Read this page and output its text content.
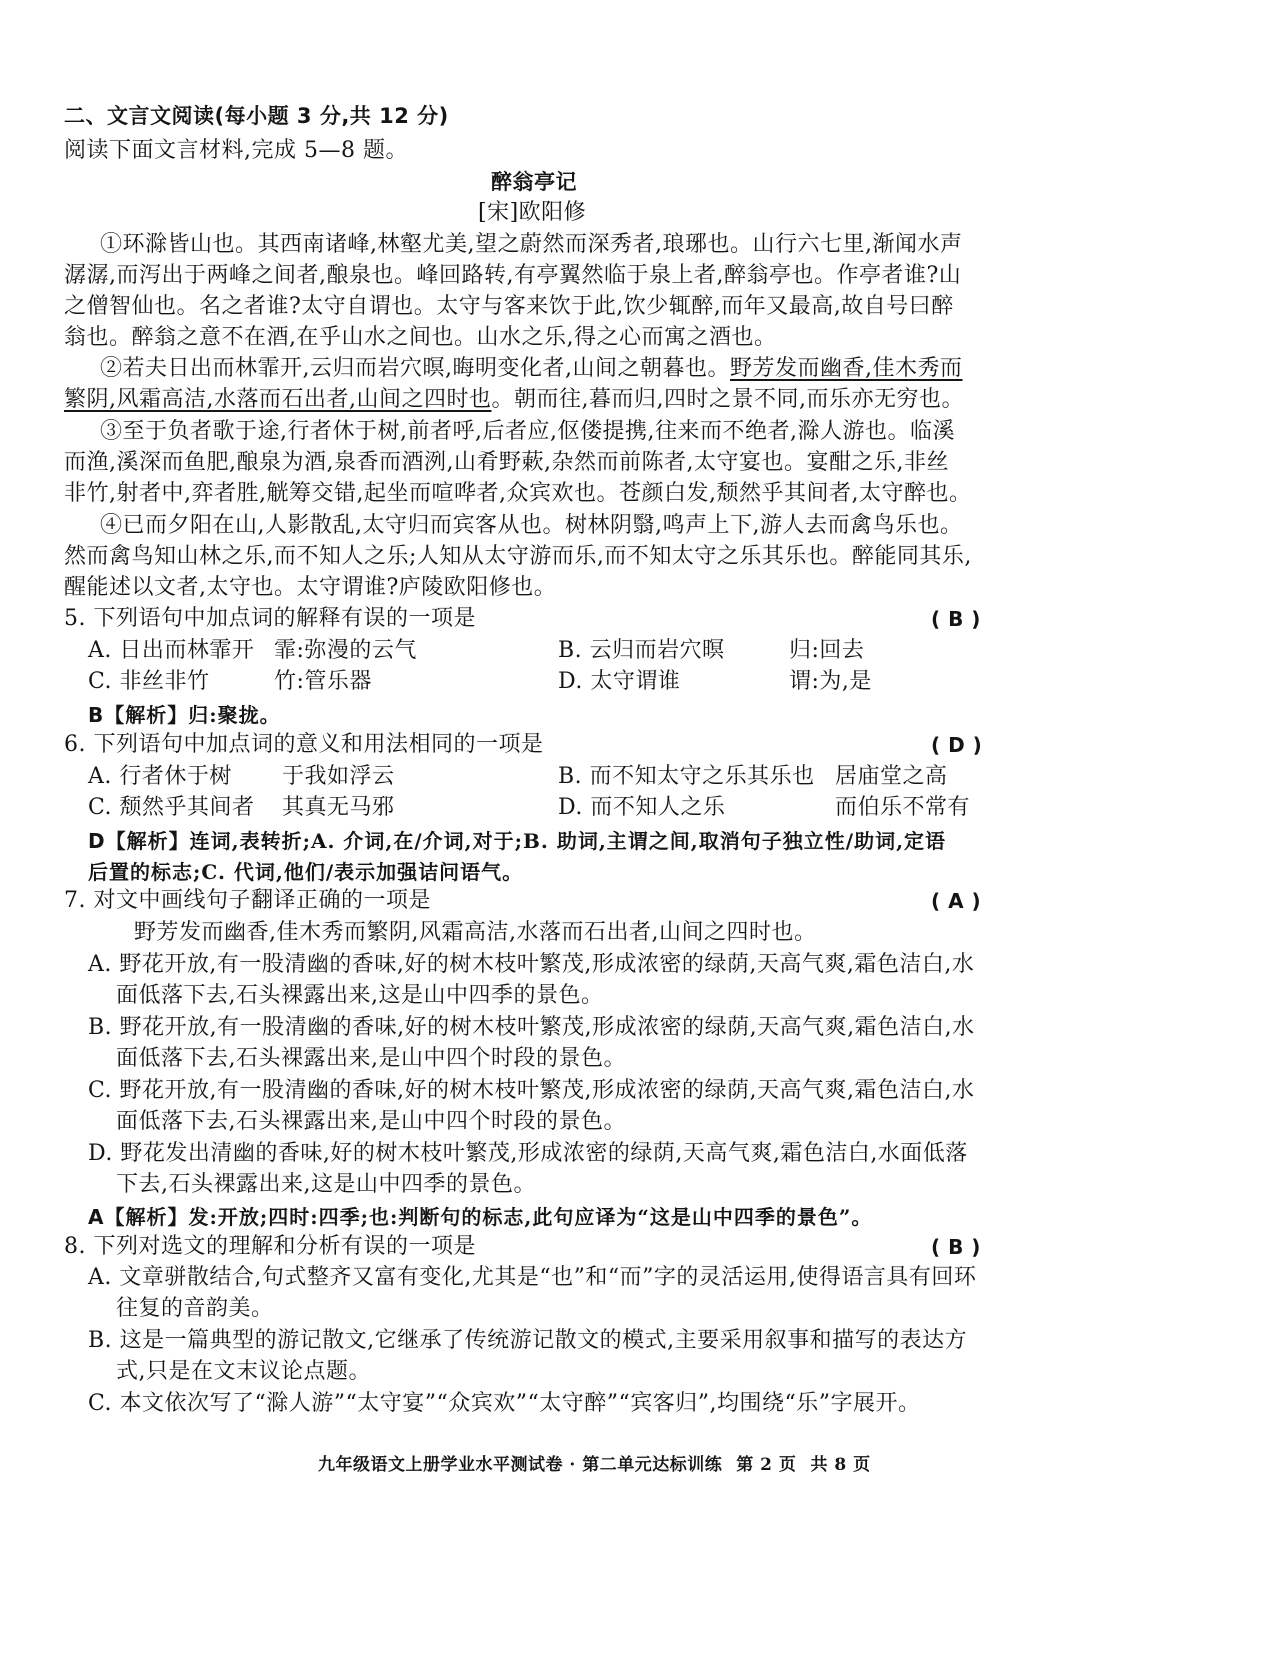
二、文言文阅读(每小题 3 分,共 12 分)
阅读下面文言材料,完成 5—8 题。
醉翁亭记
[宋]欧阳修
①环滁皆山也。其西南诸峰,林壑尤美,望之蔚然而深秀者,琅琊也。山行六七里,渐闻水声
潺潺,而泻出于两峰之间者,酿泉也。峰回路转,有亭翼然临于泉上者,醉翁亭也。作亭者谁?山
之僧智仙也。名之者谁?太守自谓也。太守与客来饮于此,饮少辄醉,而年又最高,故自号曰醉
翁也。醉翁之意不在酒,在乎山水之间也。山水之乐,得之心而寓之酒也。
②若夫日出而林霏开,云归而岩穴暝,晦明变化者,山间之朝暮也。野芳发而幽香,佳木秀而
繁阴,风霜高洁,水落而石出者,山间之四时也。朝而往,暮而归,四时之景不同,而乐亦无穷也。
③至于负者歌于途,行者休于树,前者呼,后者应,伛偻提携,往来而不绝者,滁人游也。临溪
而渔,溪深而鱼肥,酿泉为酒,泉香而酒洌,山肴野蔌,杂然而前陈者,太守宴也。宴酣之乐,非丝
非竹,射者中,弈者胜,觥筹交错,起坐而喧哗者,众宾欢也。苍颜白发,颓然乎其间者,太守醉也。
④已而夕阳在山,人影散乱,太守归而宾客从也。树林阴翳,鸣声上下,游人去而禽鸟乐也。
然而禽鸟知山林之乐,而不知人之乐;人知从太守游而乐,而不知太守之乐其乐也。醉能同其乐,
醒能述以文者,太守也。太守谓谁?庐陵欧阳修也。
5. 下列语句中加点词的解释有误的一项是	( B )
A. 日出而林霏开 霏:弥漫的云气	B. 云归而岩穴暝	归:回去
C. 非丝非竹	竹:管乐器	D. 太守谓谁	谓:为,是
B【解析】归:聚拢。
6. 下列语句中加点词的意义和用法相同的一项是	( D )
A. 行者休于树 于我如浮云	B. 而不知太守之乐其乐也 居庙堂之高
C. 颓然乎其间者 其真无马邪	D. 而不知人之乐	而伯乐不常有
D【解析】连词,表转折;A. 介词,在/介词,对于;B. 助词,主谓之间,取消句子独立性/助词,定语
后置的标志;C. 代词,他们/表示加强诘问语气。
7. 对文中画线句子翻译正确的一项是	( A )
野芳发而幽香,佳木秀而繁阴,风霜高洁,水落而石出者,山间之四时也。
A. 野花开放,有一股清幽的香味,好的树木枝叶繁茂,形成浓密的绿荫,天高气爽,霜色洁白,水
面低落下去,石头裸露出来,这是山中四季的景色。
B. 野花开放,有一股清幽的香味,好的树木枝叶繁茂,形成浓密的绿荫,天高气爽,霜色洁白,水
面低落下去,石头裸露出来,是山中四个时段的景色。
C. 野花开放,有一股清幽的香味,好的树木枝叶繁茂,形成浓密的绿荫,天高气爽,霜色洁白,水
面低落下去,石头裸露出来,是山中四个时段的景色。
D. 野花发出清幽的香味,好的树木枝叶繁茂,形成浓密的绿荫,天高气爽,霜色洁白,水面低落
下去,石头裸露出来,这是山中四季的景色。
A【解析】发:开放;四时:四季;也:判断句的标志,此句应译为“这是山中四季的景色”。
8. 下列对选文的理解和分析有误的一项是	( B )
A. 文章骈散结合,句式整齐又富有变化,尤其是“也”和“而”字的灵活运用,使得语言具有回环
往复的音韵美。
B. 这是一篇典型的游记散文,它继承了传统游记散文的模式,主要采用叙事和描写的表达方
式,只是在文末议论点题。
C. 本文依次写了“滁人游”“太守宴”“众宾欢”“太守醉”“宾客归”,均围绕“乐”字展开。
九年级语文上册学业水平测试卷 · 第二单元达标训练 第 2 页 共 8 页
